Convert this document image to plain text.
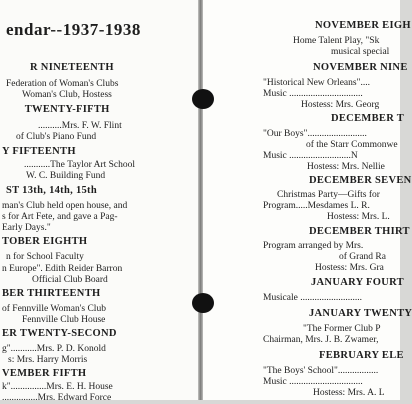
endar--1937-1938
R NINETEENTH
Federation of Woman's Clubs
Woman's Club, Hostess
TWENTY-FIFTH
..........Mrs. F. W. Flint
of Club's Piano Fund
Y FIFTEENTH
...........The Taylor Art School
W. C. Building Fund
ST 13th, 14th, 15th
man's Club held open house, and
s for Art Fete, and gave a Pag-
Early Days."
TOBER EIGHTH
n for School Faculty
n Europe". Edith Reider Barron
Official Club Board
BER THIRTEENTH
of Fennville Woman's Club
Fennville Club House
ER TWENTY-SECOND
g"...........Mrs. P. D. Konold
s: Mrs. Harry Morris
VEMBER FIFTH
k"...............Mrs. E. H. House
...............Mrs. Edward Force
NOVEMBER EIGH
Home Talent Play, "Sk
musical special
NOVEMBER NINE
"Historical New Orleans"....
Music ...............................
Hostess: Mrs. Georg
DECEMBER T
"Our Boys".........................
of the Starr Commonwe
Music ..........................N
Hostess: Mrs. Nellie
DECEMBER SEVEN
Christmas Party—Gifts for
Program.....Mesdames L. R.
Hostess: Mrs. L.
DECEMBER THIRT
Program arranged by Mrs.
of Grand Ra
Hostess: Mrs. Gra
JANUARY FOURT
Musicale ..........................
JANUARY TWENTY
"The Former Club P
Chairman, Mrs. J. B. Zwamer,
FEBRUARY ELE
"The Boys' School".................
Music ...............................
Hostess: Mrs. A. L
